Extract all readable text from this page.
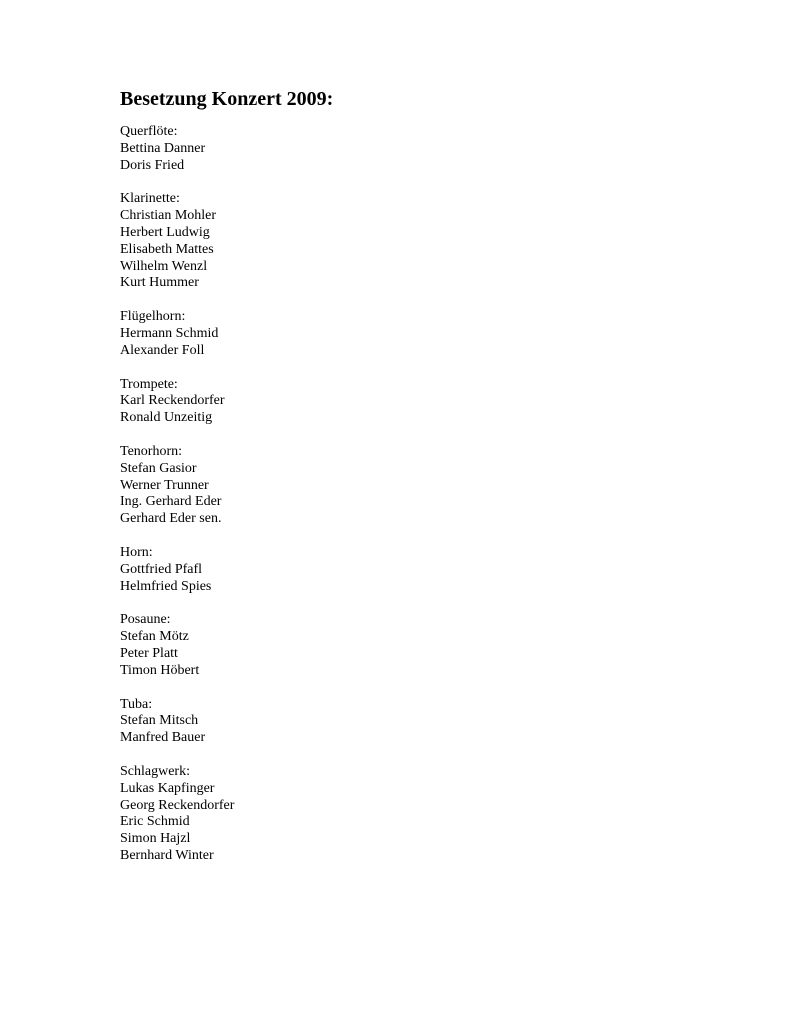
Besetzung Konzert 2009:
Querflöte:
Bettina Danner
Doris Fried
Klarinette:
Christian Mohler
Herbert Ludwig
Elisabeth Mattes
Wilhelm Wenzl
Kurt Hummer
Flügelhorn:
Hermann Schmid
Alexander Foll
Trompete:
Karl Reckendorfer
Ronald Unzeitig
Tenorhorn:
Stefan Gasior
Werner Trunner
Ing. Gerhard Eder
Gerhard Eder sen.
Horn:
Gottfried Pfafl
Helmfried Spies
Posaune:
Stefan Mötz
Peter Platt
Timon Höbert
Tuba:
Stefan Mitsch
Manfred Bauer
Schlagwerk:
Lukas Kapfinger
Georg Reckendorfer
Eric Schmid
Simon Hajzl
Bernhard Winter
